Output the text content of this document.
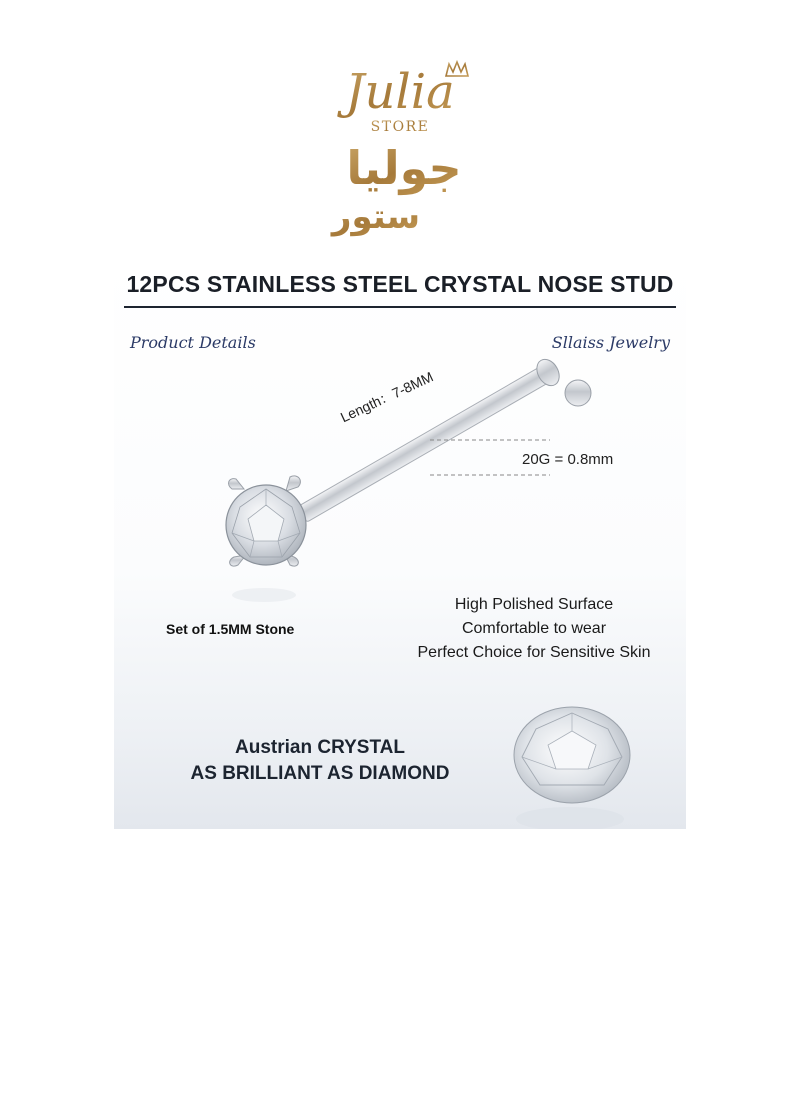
Julia
STORE
جوليا
ستور
12PCS STAINLESS STEEL CRYSTAL NOSE STUD
Product Details	Sllaiss Jewelry
Length：7-8MM
20G = 0.8mm
Set of 1.5MM Stone
High Polished Surface
Comfortable to wear
Perfect Choice for Sensitive Skin
Austrian CRYSTAL
AS BRILLIANT AS DIAMOND
